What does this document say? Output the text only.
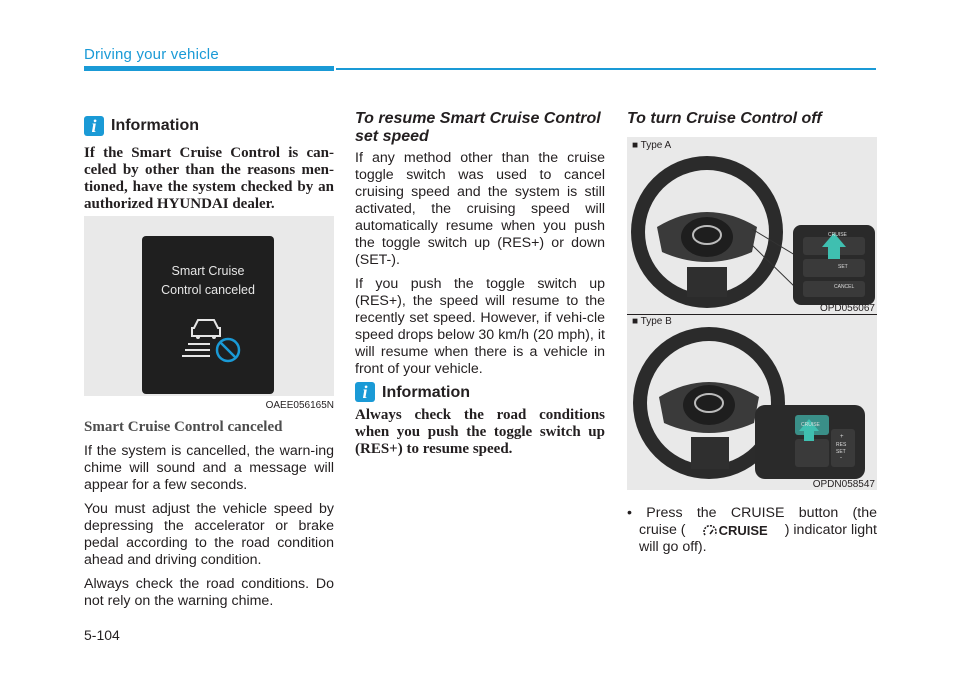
Driving your vehicle
i Information
If the Smart Cruise Control is can-celed by other than the reasons men-tioned, have the system checked by an authorized HYUNDAI dealer.
Smart Cruise
Control canceled
OAEE056165N
Smart Cruise Control canceled

If the system is cancelled, the warn-ing chime will sound and a message will appear for a few seconds.

You must adjust the vehicle speed by depressing the accelerator or brake pedal according to the road condition ahead and driving condition.

Always check the road conditions. Do not rely on the warning chime.

To resume Smart Cruise Control set speed

If any method other than the cruise toggle switch was used to cancel cruising speed and the system is still activated, the cruising speed will automatically resume when you push the toggle switch up (RES+) or down (SET-).

If you push the toggle switch up (RES+), the speed will resume to the recently set speed. However, if vehi-cle speed drops below 30 km/h (20 mph), it will resume when there is a vehicle in front of your vehicle.

i Information
Always check the road conditions when you push the toggle switch up (RES+) to resume speed.
To turn Cruise Control off
■ Type A
CRUISE
SET
CANCEL
OPD056067
■ Type B
CRUISE
+
RES
SET
-
OPDN058547
• Press the CRUISE button (the
cruise (	CRUISE ) indicator light
will go off).
5-104
